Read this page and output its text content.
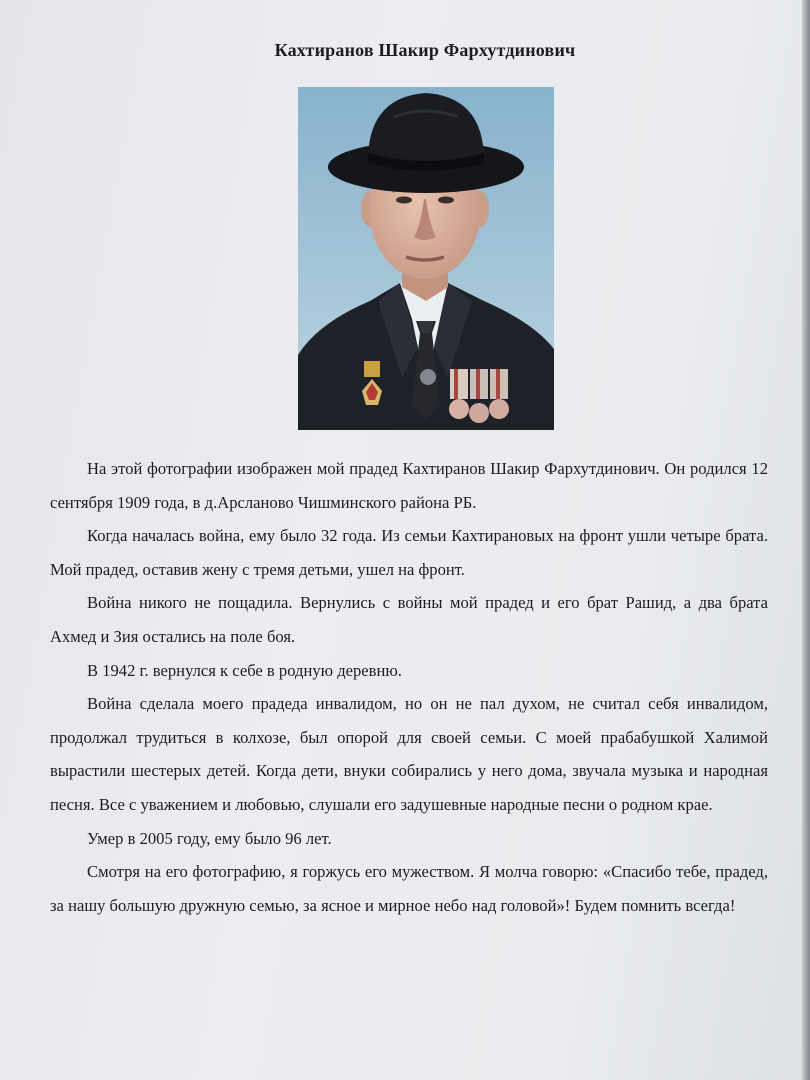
Кахтиранов Шакир Фархутдинович

На этой фотографии изображен мой прадед Кахтиранов Шакир Фархутдинович. Он родился 12 сентября 1909 года, в д.Арсланово Чишминского района РБ.

Когда началась война, ему было 32 года. Из семьи Кахтирановых на фронт ушли четыре брата. Мой прадед, оставив жену с тремя детьми, ушел на фронт.

Война никого не пощадила. Вернулись с войны мой прадед и его брат Рашид, а два брата Ахмед и Зия остались на поле боя.

В 1942 г. вернулся к себе в родную деревню.

Война сделала моего прадеда инвалидом, но он не пал духом, не считал себя инвалидом, продолжал трудиться в колхозе, был опорой для своей семьи. С моей прабабушкой Халимой вырастили шестерых детей. Когда дети, внуки собирались у него дома, звучала музыка и народная песня. Все с уважением и любовью, слушали его задушевные народные песни о родном крае.

Умер в 2005 году, ему было 96 лет.

Смотря на его фотографию, я горжусь его мужеством. Я молча говорю: «Спасибо тебе, прадед, за нашу большую дружную семью, за ясное и мирное небо над головой»! Будем помнить всегда!
